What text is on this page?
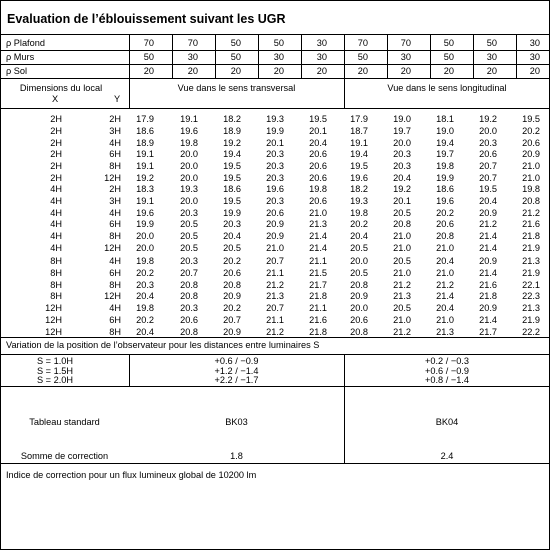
Evaluation de l’éblouissement suivant les UGR
ρ Plafond	70	70	50	50	30	70	70	50	50	30
ρ Murs	50	30	50	30	30	50	30	50	30	30
ρ Sol	20	20	20	20	20	20	20	20	20	20
Dimensions du local
X	Y
Vue dans le sens transversal	Vue dans le sens longitudinal
2H	2H	17.9	19.1	18.2	19.3	19.5	17.9	19.0	18.1	19.2	19.5
2H	3H	18.6	19.6	18.9	19.9	20.1	18.7	19.7	19.0	20.0	20.2
2H	4H	18.9	19.8	19.2	20.1	20.4	19.1	20.0	19.4	20.3	20.6
2H	6H	19.1	20.0	19.4	20.3	20.6	19.4	20.3	19.7	20.6	20.9
2H	8H	19.1	20.0	19.5	20.3	20.6	19.5	20.3	19.8	20.7	21.0
2H	12H	19.2	20.0	19.5	20.3	20.6	19.6	20.4	19.9	20.7	21.0
4H	2H	18.3	19.3	18.6	19.6	19.8	18.2	19.2	18.6	19.5	19.8
4H	3H	19.1	20.0	19.5	20.3	20.6	19.3	20.1	19.6	20.4	20.8
4H	4H	19.6	20.3	19.9	20.6	21.0	19.8	20.5	20.2	20.9	21.2
4H	6H	19.9	20.5	20.3	20.9	21.3	20.2	20.8	20.6	21.2	21.6
4H	8H	20.0	20.5	20.4	20.9	21.4	20.4	21.0	20.8	21.4	21.8
4H	12H	20.0	20.5	20.5	21.0	21.4	20.5	21.0	21.0	21.4	21.9
8H	4H	19.8	20.3	20.2	20.7	21.1	20.0	20.5	20.4	20.9	21.3
8H	6H	20.2	20.7	20.6	21.1	21.5	20.5	21.0	21.0	21.4	21.9
8H	8H	20.3	20.8	20.8	21.2	21.7	20.8	21.2	21.2	21.6	22.1
8H	12H	20.4	20.8	20.9	21.3	21.8	20.9	21.3	21.4	21.8	22.3
12H	4H	19.8	20.3	20.2	20.7	21.1	20.0	20.5	20.4	20.9	21.3
12H	6H	20.2	20.6	20.7	21.1	21.6	20.6	21.0	21.0	21.4	21.9
12H	8H	20.4	20.8	20.9	21.2	21.8	20.8	21.2	21.3	21.7	22.2
Variation de la position de l’observateur pour les distances entre luminaires S
S = 1.0H	+0.6 / −0.9	+0.2 / −0.3
S = 1.5H	+1.2 / −1.4	+0.6 / −0.9
S = 2.0H	+2.2 / −1.7	+0.8 / −1.4
Tableau standard	BK03	BK04
Somme de correction	1.8	2.4
Indice de correction pour un flux lumineux global de 10200 lm
